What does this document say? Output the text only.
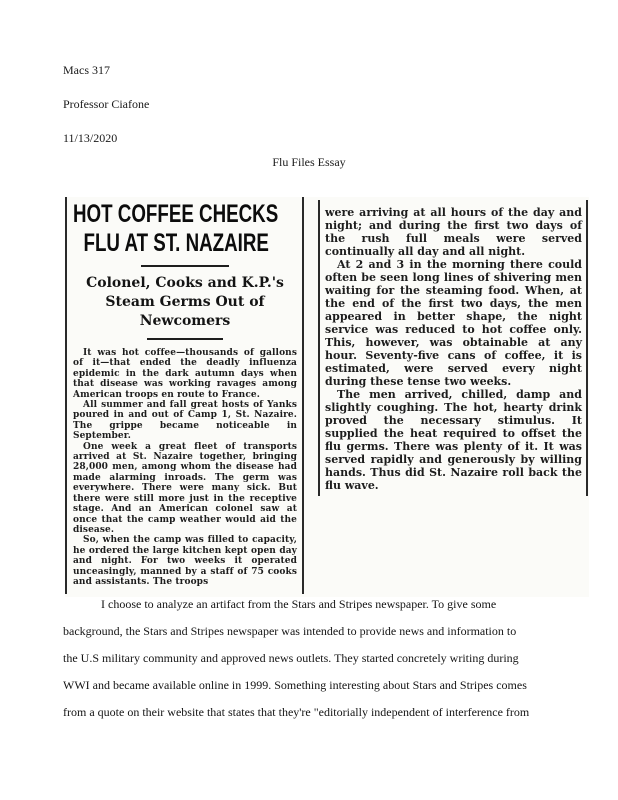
Macs 317
Professor Ciafone
11/13/2020
Flu Files Essay
HOT COFFEE CHECKS
FLU AT ST. NAZAIRE
Colonel, Cooks and K.P.'s
Steam Germs Out of
Newcomers

It was hot coffee—thousands of gallons of it—that ended the deadly influenza epidemic in the dark autumn days when that disease was working ravages among American troops en route to France.

All summer and fall great hosts of Yanks poured in and out of Camp 1, St. Nazaire. The grippe became noticeable in September.

One week a great fleet of transports arrived at St. Nazaire together, bringing 28,000 men, among whom the disease had made alarming inroads. The germ was everywhere. There were many sick. But there were still more just in the receptive stage. And an American colonel saw at once that the camp weather would aid the disease.

So, when the camp was filled to capacity, he ordered the large kitchen kept open day and night. For two weeks it operated unceasingly, manned by a staff of 75 cooks and assistants. The troops

were arriving at all hours of the day and night; and during the first two days of the rush full meals were served continually all day and all night.

At 2 and 3 in the morning there could often be seen long lines of shivering men waiting for the steaming food. When, at the end of the first two days, the men appeared in better shape, the night service was reduced to hot coffee only. This, however, was obtainable at any hour. Seventy-five cans of coffee, it is estimated, were served every night during these tense two weeks.

The men arrived, chilled, damp and slightly coughing. The hot, hearty drink proved the necessary stimulus. It supplied the heat required to offset the flu germs. There was plenty of it. It was served rapidly and generously by willing hands. Thus did St. Nazaire roll back the flu wave.

I choose to analyze an artifact from the Stars and Stripes newspaper. To give some
background, the Stars and Stripes newspaper was intended to provide news and information to
the U.S military community and approved news outlets. They started concretely writing during
WWI and became available online in 1999. Something interesting about Stars and Stripes comes
from a quote on their website that states that they're "editorially independent of interference from
